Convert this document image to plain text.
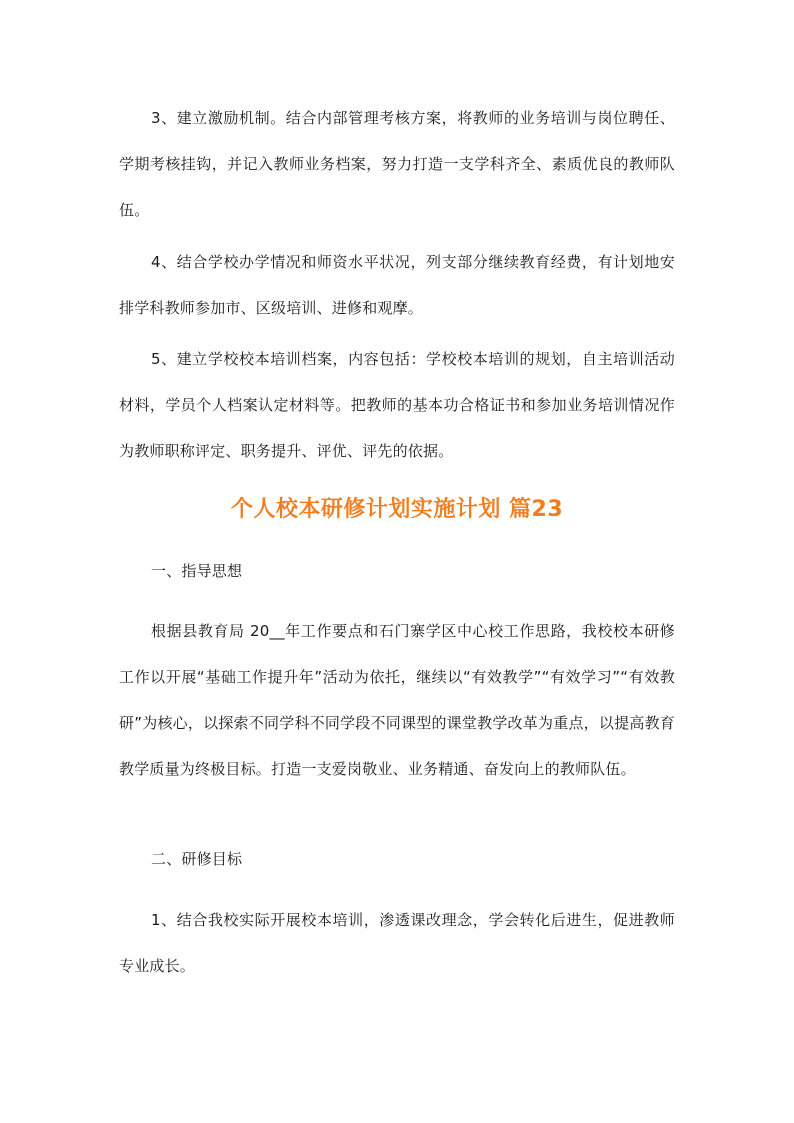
3、建立激励机制。结合内部管理考核方案，将教师的业务培训与岗位聘任、学期考核挂钩，并记入教师业务档案，努力打造一支学科齐全、素质优良的教师队伍。

4、结合学校办学情况和师资水平状况，列支部分继续教育经费，有计划地安排学科教师参加市、区级培训、进修和观摩。

5、建立学校校本培训档案，内容包括：学校校本培训的规划，自主培训活动材料，学员个人档案认定材料等。把教师的基本功合格证书和参加业务培训情况作为教师职称评定、职务提升、评优、评先的依据。

个人校本研修计划实施计划 篇23

一、指导思想

根据县教育局 20__年工作要点和石门寨学区中心校工作思路，我校校本研修工作以开展“基础工作提升年”活动为依托，继续以“有效教学”“有效学习”“有效教研”为核心，以探索不同学科不同学段不同课型的课堂教学改革为重点，以提高教育教学质量为终极目标。打造一支爱岗敬业、业务精通、奋发向上的教师队伍。

二、研修目标

1、结合我校实际开展校本培训，渗透课改理念，学会转化后进生，促进教师专业成长。
